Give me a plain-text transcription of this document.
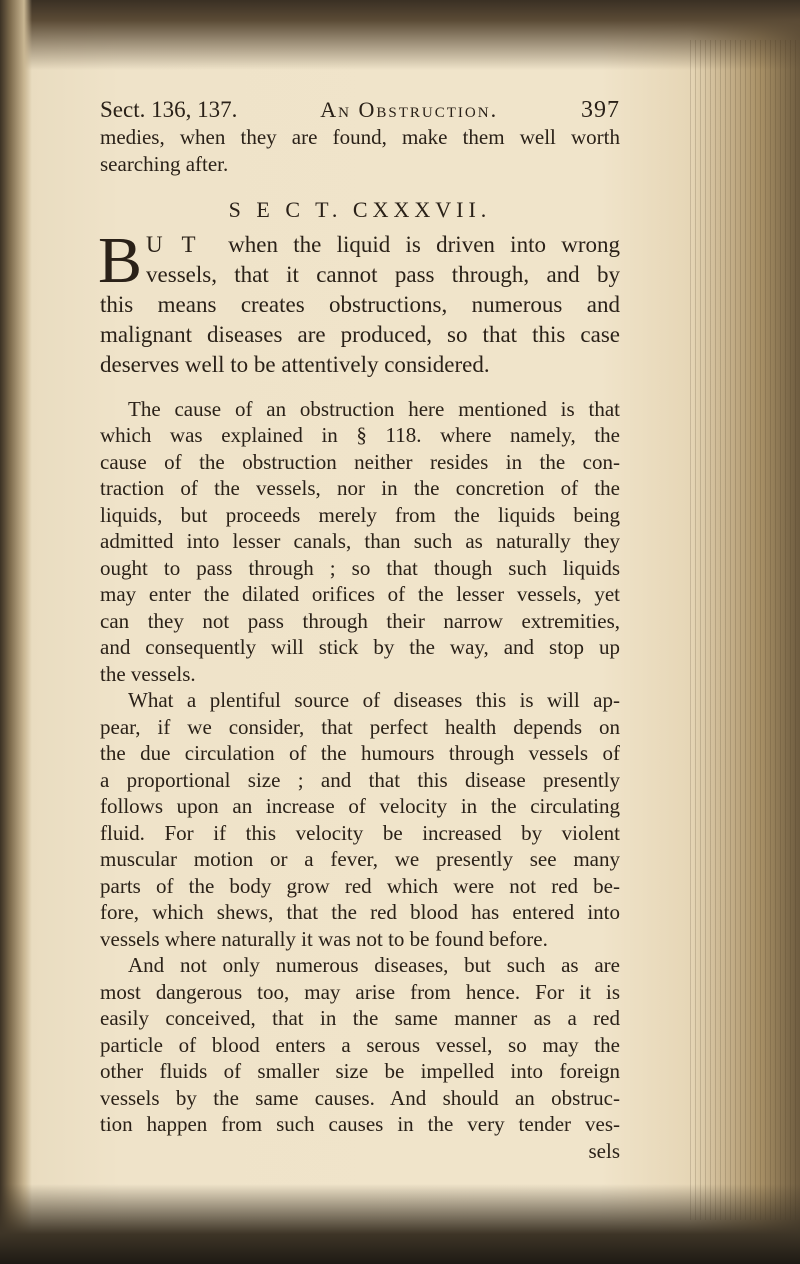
Sect. 136, 137.	An Obstruction.	397
medies, when they are found, make them well worth
searching after.
S E C T. CXXXVII.
B U T when the liquid is driven into wrong
vessels, that it cannot pass through, and by
this means creates obstructions, numerous and
malignant diseases are produced, so that this case
deserves well to be attentively considered.
The cause of an obstruction here mentioned is that
which was explained in § 118. where namely, the
cause of the obstruction neither resides in the con-
traction of the vessels, nor in the concretion of the
liquids, but proceeds merely from the liquids being
admitted into lesser canals, than such as naturally they
ought to pass through ; so that though such liquids
may enter the dilated orifices of the lesser vessels, yet
can they not pass through their narrow extremities,
and consequently will stick by the way, and stop up
the vessels.
What a plentiful source of diseases this is will ap-
pear, if we consider, that perfect health depends on
the due circulation of the humours through vessels of
a proportional size ; and that this disease presently
follows upon an increase of velocity in the circulating
fluid. For if this velocity be increased by violent
muscular motion or a fever, we presently see many
parts of the body grow red which were not red be-
fore, which shews, that the red blood has entered into
vessels where naturally it was not to be found before.
And not only numerous diseases, but such as are
most dangerous too, may arise from hence. For it is
easily conceived, that in the same manner as a red
particle of blood enters a serous vessel, so may the
other fluids of smaller size be impelled into foreign
vessels by the same causes. And should an obstruc-
tion happen from such causes in the very tender ves-
sels
